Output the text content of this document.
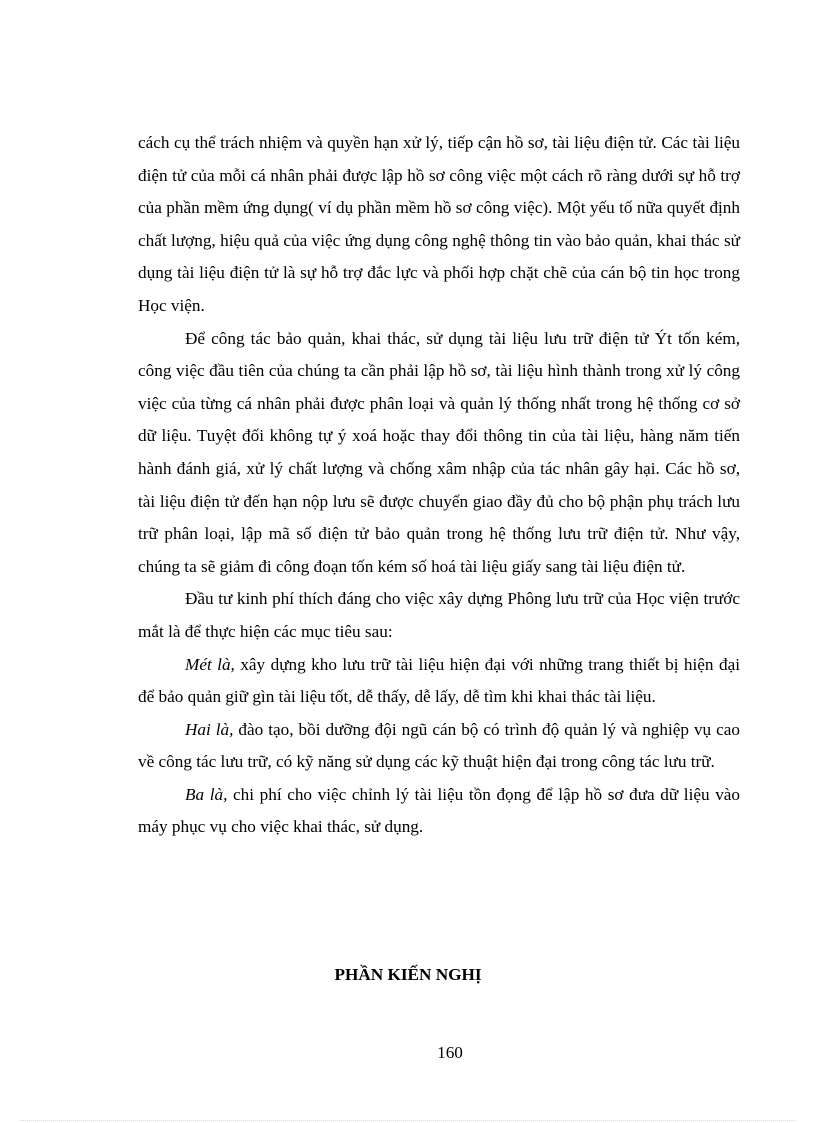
cách cụ thể trách nhiệm và quyền hạn xử lý, tiếp cận hồ sơ, tài liệu điện tử. Các tài liệu điện tử của mỗi cá nhân phải được lập hồ sơ công việc một cách rõ ràng dưới sự hỗ trợ của phần mềm ứng dụng( ví dụ phần mềm hồ sơ công việc). Một yếu tố nữa quyết định chất lượng, hiệu quả của việc ứng dụng công nghệ thông tin vào bảo quản, khai thác sử dụng tài liệu điện tử là sự hỗ trợ đắc lực và phối hợp chặt chẽ của cán bộ tin học trong Học viện.

Để công tác bảo quản, khai thác, sử dụng tài liệu lưu trữ điện tử Ýt tốn kém, công việc đầu tiên của chúng ta cần phải lập hồ sơ, tài liệu hình thành trong xử lý công việc của từng cá nhân phải được phân loại và quản lý thống nhất trong hệ thống cơ sở dữ liệu. Tuyệt đối không tự ý xoá hoặc thay đổi thông tin của tài liệu, hàng năm tiến hành đánh giá, xử lý chất lượng và chống xâm nhập của tác nhân gây hại. Các hồ sơ, tài liệu điện tử đến hạn nộp lưu sẽ được chuyển giao đầy đủ cho bộ phận phụ trách lưu trữ phân loại, lập mã số điện tử bảo quản trong hệ thống lưu trữ điện tử. Như vậy, chúng ta sẽ giảm đi công đoạn tốn kém số hoá tài liệu giấy sang tài liệu điện tử.

Đầu tư kinh phí thích đáng cho việc xây dựng Phông lưu trữ của Học viện trước mắt là để thực hiện các mục tiêu sau:

Mét là, xây dựng kho lưu trữ tài liệu hiện đại với những trang thiết bị hiện đại để bảo quản giữ gìn tài liệu tốt, dễ thấy, dễ lấy, dễ tìm khi khai thác tài liệu.

Hai là, đào tạo, bồi dưỡng đội ngũ cán bộ có trình độ quản lý và nghiệp vụ cao về công tác lưu trữ, có kỹ năng sử dụng các kỹ thuật hiện đại trong công tác lưu trữ.

Ba là, chi phí cho việc chỉnh lý tài liệu tồn đọng để lập hồ sơ đưa dữ liệu vào máy phục vụ cho việc khai thác, sử dụng.

PHẦN KIẾN NGHỊ
160
